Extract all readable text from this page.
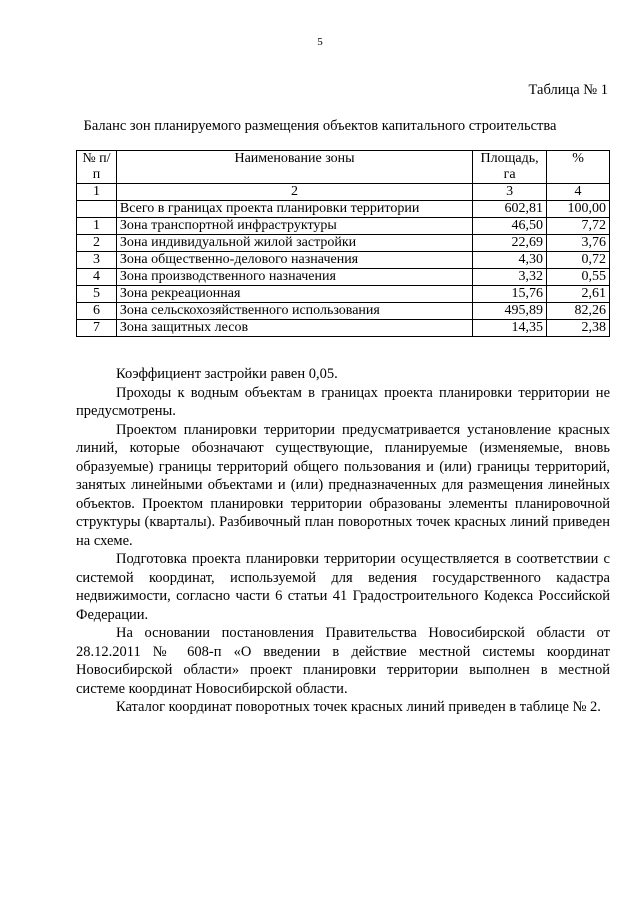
5
Таблица № 1
Баланс зон планируемого размещения объектов капитального строительства
№ п/п	Наименование зоны	Площадь, га	%
1	2	3	4
	Всего в границах проекта планировки территории	602,81	100,00
1	Зона транспортной инфраструктуры	46,50	7,72
2	Зона индивидуальной жилой застройки	22,69	3,76
3	Зона общественно-делового назначения	4,30	0,72
4	Зона производственного назначения	3,32	0,55
5	Зона рекреационная	15,76	2,61
6	Зона сельскохозяйственного использования	495,89	82,26
7	Зона защитных лесов	14,35	2,38

Коэффициент застройки равен 0,05.

Проходы к водным объектам в границах проекта планировки территории не предусмотрены.

Проектом планировки территории предусматривается установление красных линий, которые обозначают существующие, планируемые (изменяемые, вновь образуемые) границы территорий общего пользования и (или) границы территорий, занятых линейными объектами и (или) предназначенных для размещения линейных объектов. Проектом планировки территории образованы элементы планировочной структуры (кварталы). Разбивочный план поворотных точек красных линий приведен на схеме.

Подготовка проекта планировки территории осуществляется в соответствии с системой координат, используемой для ведения государственного кадастра недвижимости, согласно части 6 статьи 41 Градостроительного Кодекса Российской Федерации.

На основании постановления Правительства Новосибирской области от 28.12.2011 № 608-п «О введении в действие местной системы координат Новосибирской области» проект планировки территории выполнен в местной системе координат Новосибирской области.

Каталог координат поворотных точек красных линий приведен в таблице № 2.
